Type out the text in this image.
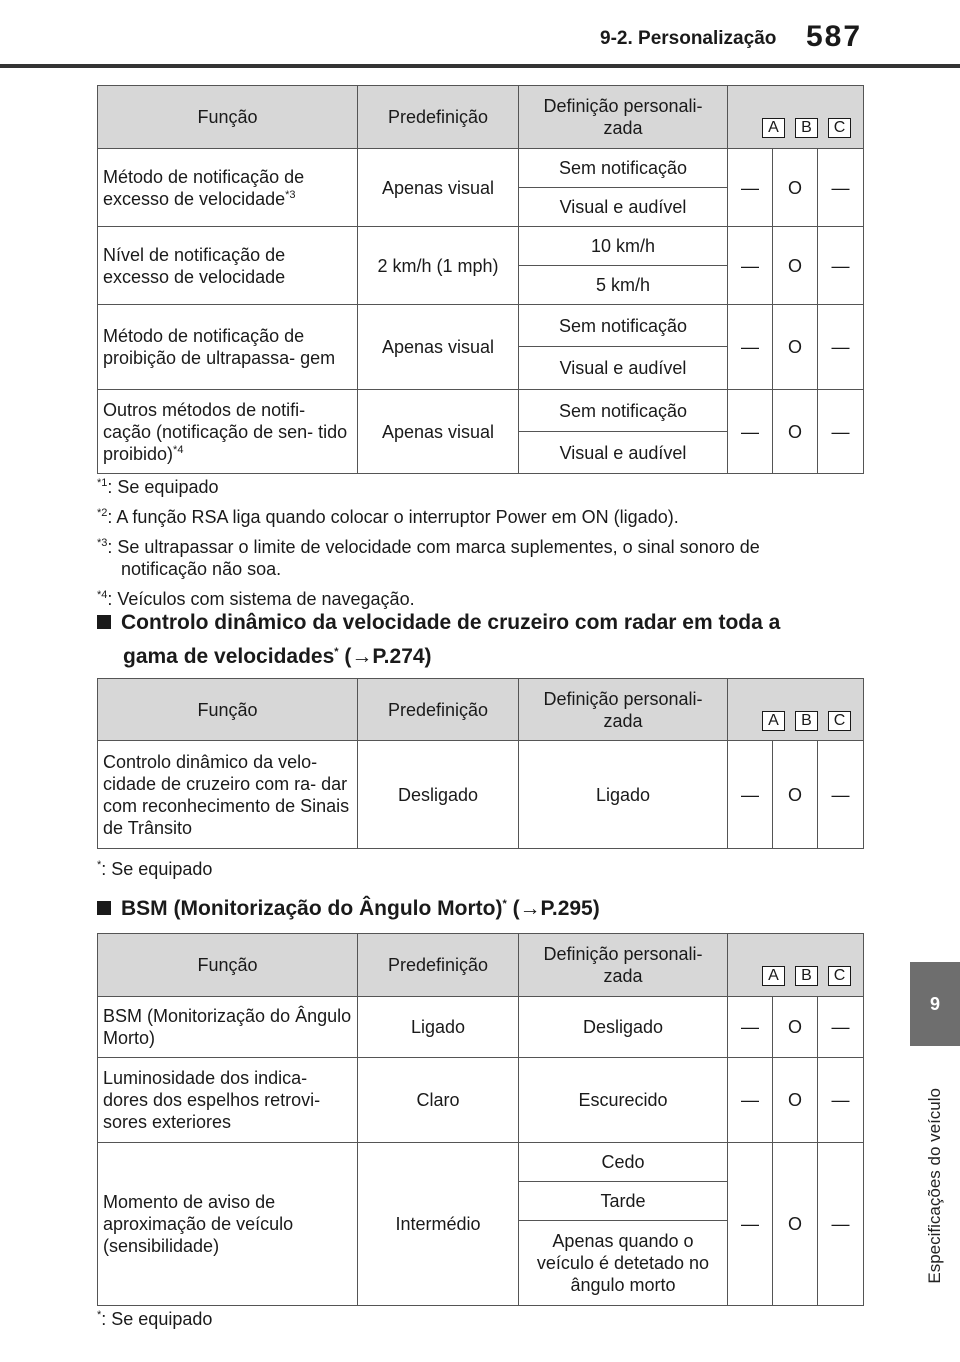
9-2. Personalização 587
9
Especificações do veículo
Função	Predefinição	Definição personali- zada	A B C		

Método de notificação de excesso de velocidade$^{*3}$	Apenas visual	Sem notificação	—	O	—
		Visual e audível			
Nível de notificação de excesso de velocidade	2 km/h (1 mph)	10 km/h	—	O	—
		5 km/h			
Método de notificação de proibição de ultrapassa- gem	Apenas visual	Sem notificação	—	O	—
		Visual e audível			
Outros métodos de notifi- cação (notificação de sen- tido proibido)$^{*4}$	Apenas visual	Sem notificação	—	O	—
		Visual e audível			
$^{*1}$: Se equipado
$^{*2}$: A função RSA liga quando colocar o interruptor Power em ON (ligado).
$^{*3}$: Se ultrapassar o limite de velocidade com marca suplementes, o sinal sonoro de
notificação não soa.
$^{*4}$: Veículos com sistema de navegação.
Controlo dinâmico da velocidade de cruzeiro com radar em toda a
gama de velocidades* (→P.274)
Função	Predefinição	Definição personali- zada	A B C		

Controlo dinâmico da velo- cidade de cruzeiro com ra- dar com reconhecimento de Sinais de Trânsito	Desligado	Ligado	—	O	—
*: Se equipado
BSM (Monitorização do Ângulo Morto)* (→P.295)
Função	Predefinição	Definição personali- zada	A B C		

BSM (Monitorização do Ângulo Morto)	Ligado	Desligado	—	O	—
Luminosidade dos indica- dores dos espelhos retrovi- sores exteriores	Claro	Escurecido	—	O	—
Momento de aviso de aproximação de veículo (sensibilidade)	Intermédio	Cedo	—	O	—
		Tarde			
		Apenas quando o veículo é detetado no ângulo morto			
*: Se equipado
